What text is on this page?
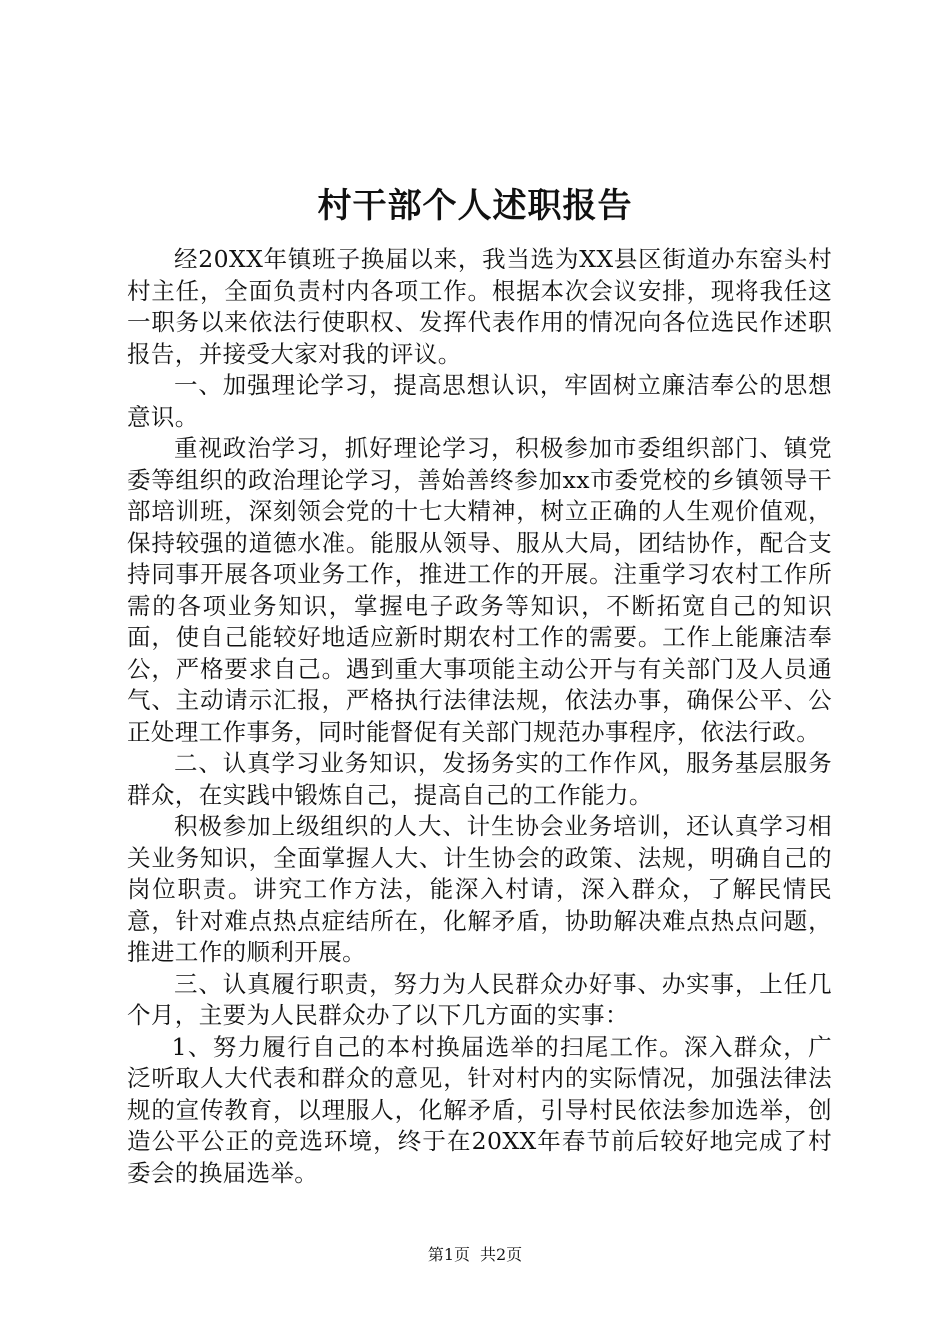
村干部个人述职报告

经20XX年镇班子换届以来，我当选为XX县区街道办东窑头村村主任，全面负责村内各项工作。根据本次会议安排，现将我任这一职务以来依法行使职权、发挥代表作用的情况向各位选民作述职报告，并接受大家对我的评议。

一、加强理论学习，提高思想认识，牢固树立廉洁奉公的思想意识。

重视政治学习，抓好理论学习，积极参加市委组织部门、镇党委等组织的政治理论学习，善始善终参加xx市委党校的乡镇领导干部培训班，深刻领会党的十七大精神，树立正确的人生观价值观，保持较强的道德水准。能服从领导、服从大局，团结协作，配合支持同事开展各项业务工作，推进工作的开展。注重学习农村工作所需的各项业务知识，掌握电子政务等知识，不断拓宽自己的知识面，使自己能较好地适应新时期农村工作的需要。工作上能廉洁奉公，严格要求自己。遇到重大事项能主动公开与有关部门及人员通气、主动请示汇报，严格执行法律法规，依法办事，确保公平、公正处理工作事务，同时能督促有关部门规范办事程序，依法行政。

二、认真学习业务知识，发扬务实的工作作风，服务基层服务群众，在实践中锻炼自己，提高自己的工作能力。

积极参加上级组织的人大、计生协会业务培训，还认真学习相关业务知识，全面掌握人大、计生协会的政策、法规，明确自己的岗位职责。讲究工作方法，能深入村请，深入群众，了解民情民意，针对难点热点症结所在，化解矛盾，协助解决难点热点问题，推进工作的顺利开展。

三、认真履行职责，努力为人民群众办好事、办实事，上任几个月，主要为人民群众办了以下几方面的实事：

1、努力履行自己的本村换届选举的扫尾工作。深入群众，广泛听取人大代表和群众的意见，针对村内的实际情况，加强法律法规的宣传教育，以理服人，化解矛盾，引导村民依法参加选举，创造公平公正的竞选环境，终于在20XX年春节前后较好地完成了村委会的换届选举。

第1页 共2页
